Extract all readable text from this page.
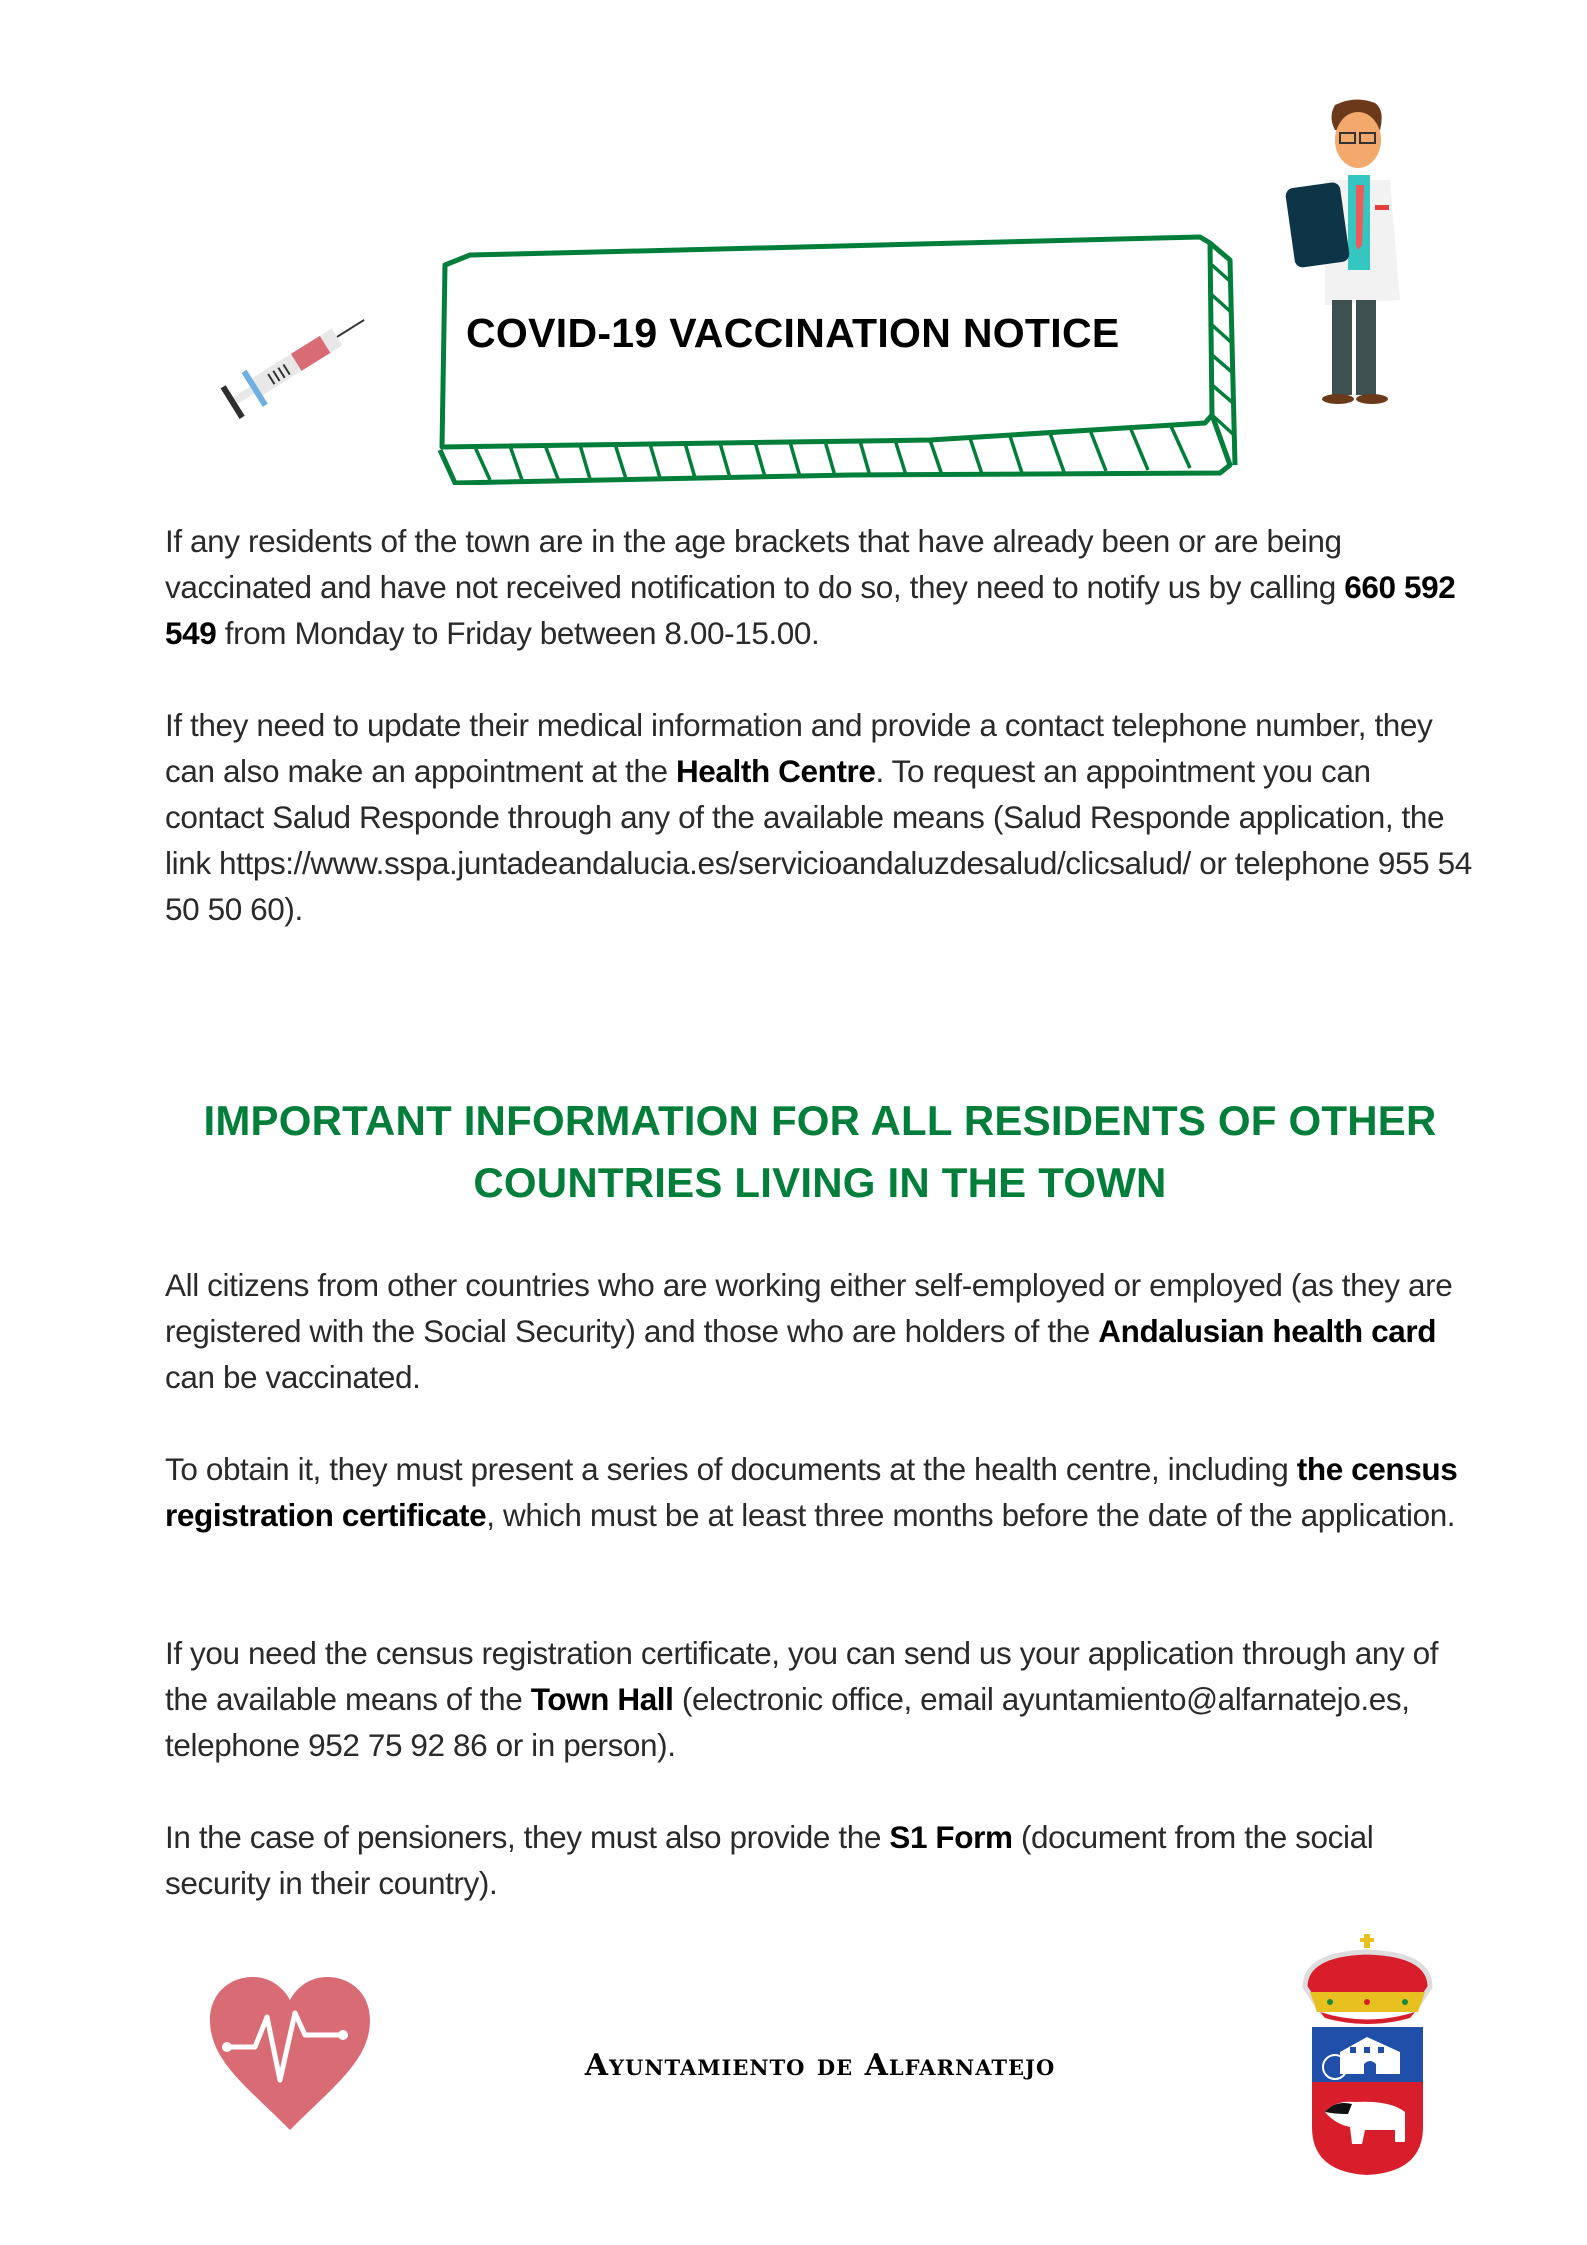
COVID-19 VACCINATION NOTICE

If any residents of the town are in the age brackets that have already been or are being vaccinated and have not received notification to do so, they need to notify us by calling 660 592 549 from Monday to Friday between 8.00-15.00.

If they need to update their medical information and provide a contact telephone number, they can also make an appointment at the Health Centre. To request an appointment you can contact Salud Responde through any of the available means (Salud Responde application, the link https://www.sspa.juntadeandalucia.es/servicioandaluzdesalud/clicsalud/ or telephone 955 54 50 50 60).

IMPORTANT INFORMATION FOR ALL RESIDENTS OF OTHER
COUNTRIES LIVING IN THE TOWN

All citizens from other countries who are working either self-employed or employed (as they are registered with the Social Security) and those who are holders of the Andalusian health card can be vaccinated.

To obtain it, they must present a series of documents at the health centre, including the census registration certificate, which must be at least three months before the date of the application.

If you need the census registration certificate, you can send us your application through any of the available means of the Town Hall (electronic office, email ayuntamiento@alfarnatejo.es, telephone 952 75 92 86 or in person).

In the case of pensioners, they must also provide the S1 Form (document from the social security in their country).

Ayuntamiento de Alfarnatejo
